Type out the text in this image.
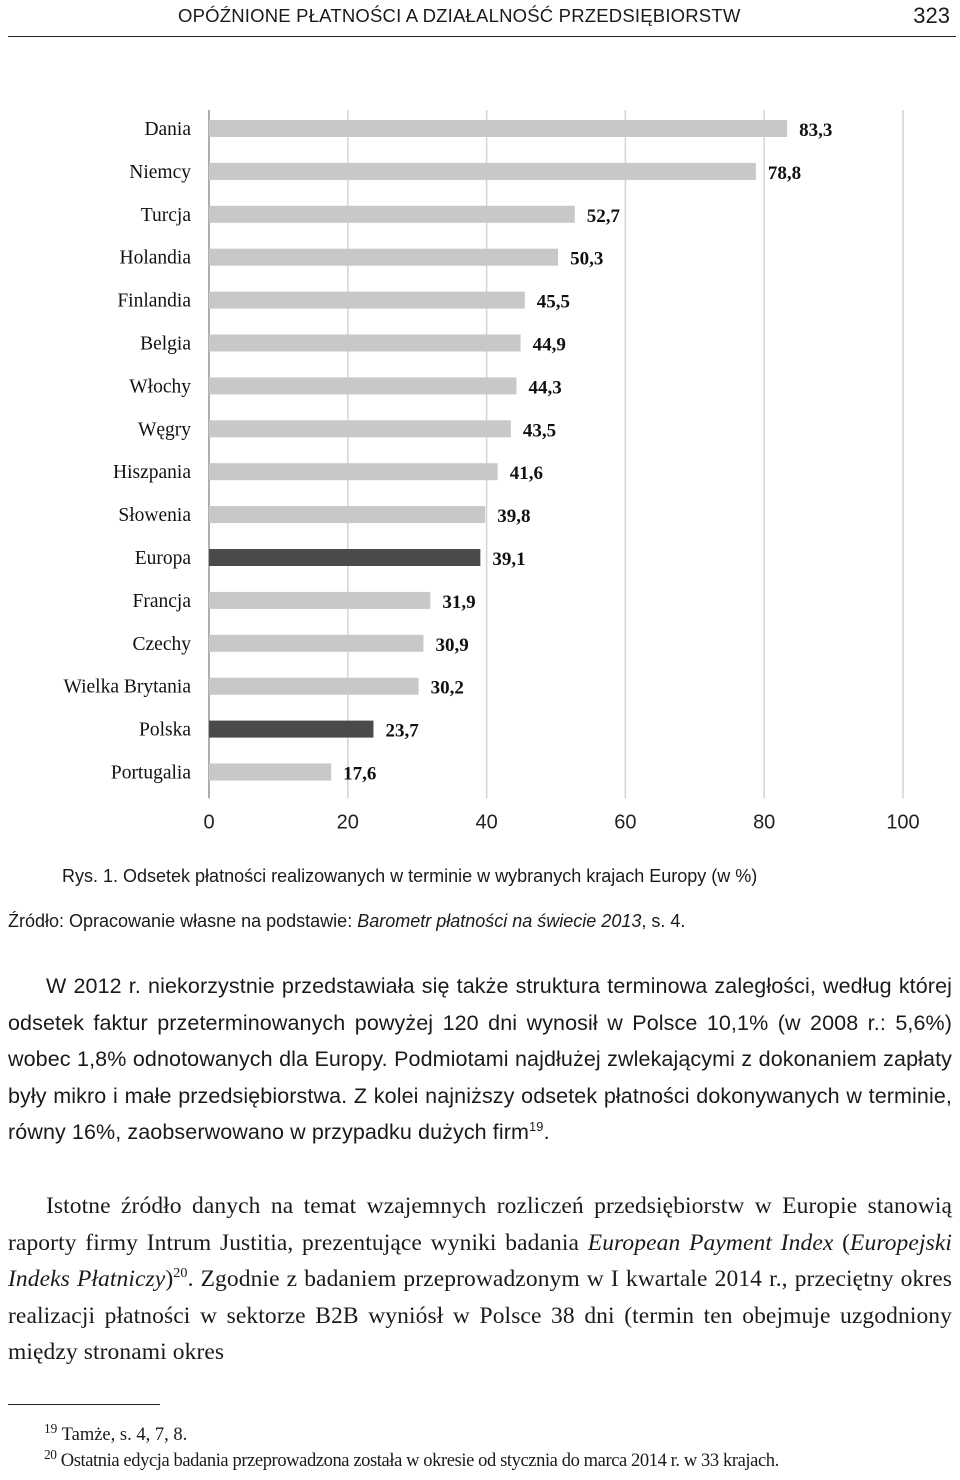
OPÓŹNIONE PŁATNOŚCI A DZIAŁALNOŚĆ PRZEDSIĘBIORSTW	323
0	20	40	60	80	100
Dania	83,3
Niemcy	78,8
Turcja	52,7
Holandia	50,3
Finlandia	45,5
Belgia	44,9
Włochy	44,3
Węgry	43,5
Hiszpania	41,6
Słowenia	39,8
Europa	39,1
Francja	31,9
Czechy	30,9
Wielka Brytania	30,2
Polska	23,7
Portugalia	17,6
Rys. 1. Odsetek płatności realizowanych w terminie w wybranych krajach Europy (w %)
Źródło: Opracowanie własne na podstawie: Barometr płatności na świecie 2013, s. 4.

W 2012 r. niekorzystnie przedstawiała się także struktura terminowa zaległości, według której odsetek faktur przeterminowanych powyżej 120 dni wynosił w Polsce 10,1% (w 2008 r.: 5,6%) wobec 1,8% odnotowanych dla Europy. Podmiotami najdłużej zwlekającymi z dokonaniem zapłaty były mikro i małe przedsiębiorstwa. Z kolei najniższy odsetek płatności dokonywanych w terminie, równy 16%, zaobserwowano w przypadku dużych firm$^{19}$.

Istotne źródło danych na temat wzajemnych rozliczeń przedsiębiorstw w Europie stanowią raporty firmy Intrum Justitia, prezentujące wyniki badania European Payment Index (Europejski Indeks Płatniczy)$^{20}$. Zgodnie z badaniem przeprowadzonym w I kwartale 2014 r., przeciętny okres realizacji płatności w sektorze B2B wyniósł w Polsce 38 dni (termin ten obejmuje uzgodniony między stronami okres

$^{19}$ Tamże, s. 4, 7, 8.
$^{20}$ Ostatnia edycja badania przeprowadzona została w okresie od stycznia do marca 2014 r. w 33 krajach.
